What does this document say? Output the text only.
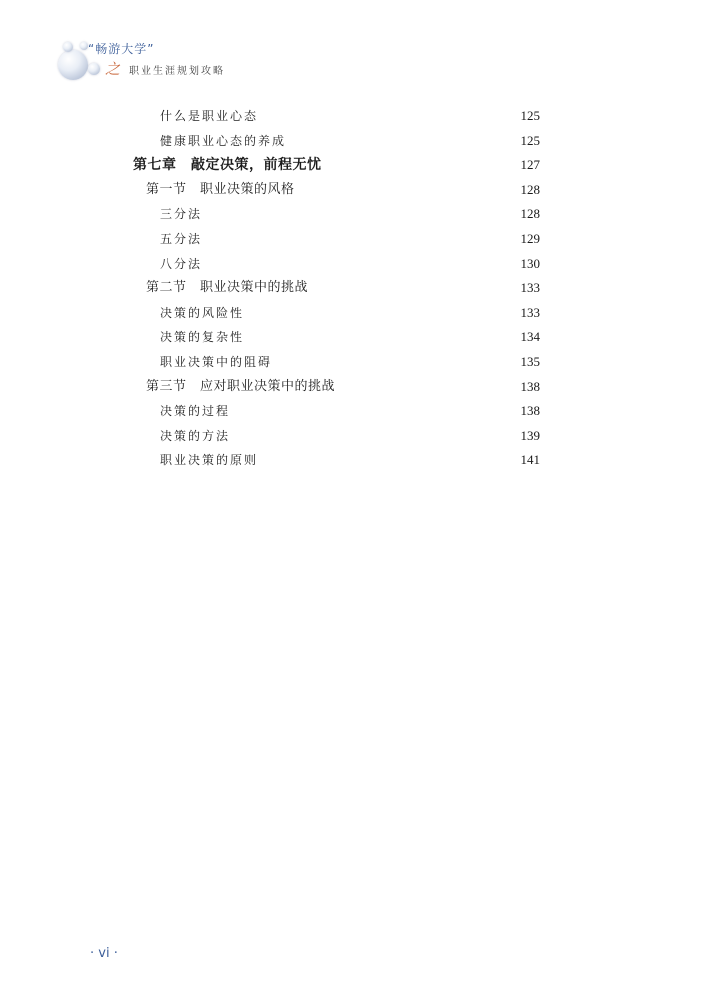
“畅游大学”
之 职业生涯规划攻略
什么是职业心态	125
健康职业心态的养成	125
第七章　敲定决策，前程无忧	127
第一节　职业决策的风格	128
三分法	128
五分法	129
八分法	130
第二节　职业决策中的挑战	133
决策的风险性	133
决策的复杂性	134
职业决策中的阻碍	135
第三节　应对职业决策中的挑战	138
决策的过程	138
决策的方法	139
职业决策的原则	141
· vi ·
